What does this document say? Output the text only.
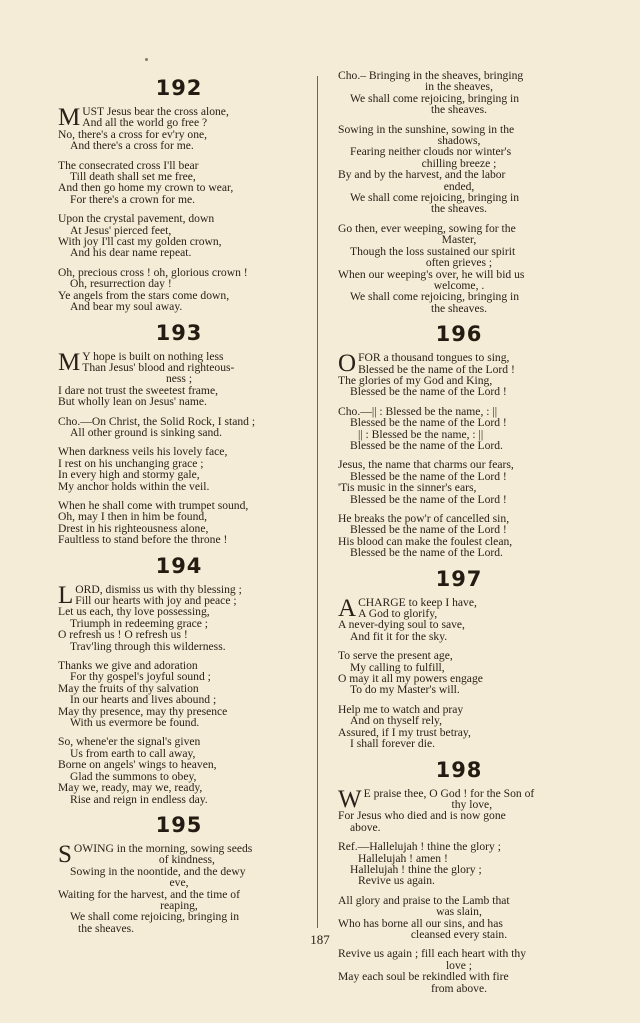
192
MUST Jesus bear the cross alone,
And all the world go free ?
No, there's a cross for ev'ry one,
And there's a cross for me.
The consecrated cross I'll bear
Till death shall set me free,
And then go home my crown to wear,
For there's a crown for me.
Upon the crystal pavement, down
At Jesus' pierced feet,
With joy I'll cast my golden crown,
And his dear name repeat.
Oh, precious cross ! oh, glorious crown !
Oh, resurrection day !
Ye angels from the stars come down,
And bear my soul away.
193
M Y hope is built on nothing less
Than Jesus' blood and righteous-
ness ;
I dare not trust the sweetest frame,
But wholly lean on Jesus' name.
Cho.—On Christ, the Solid Rock, I stand ;
All other ground is sinking sand.
When darkness veils his lovely face,
I rest on his unchanging grace ;
In every high and stormy gale,
My anchor holds within the veil.
When he shall come with trumpet sound,
Oh, may I then in him be found,
Drest in his righteousness alone,
Faultless to stand before the throne !
194
LORD, dismiss us with thy blessing ;
Fill our hearts with joy and peace ;
Let us each, thy love possessing,
Triumph in redeeming grace ;
O refresh us ! O refresh us !
Trav'ling through this wilderness.
Thanks we give and adoration
For thy gospel's joyful sound ;
May the fruits of thy salvation
In our hearts and lives abound ;
May thy presence, may thy presence
With us evermore be found.
So, whene'er the signal's given
Us from earth to call away,
Borne on angels' wings to heaven,
Glad the summons to obey,
May we, ready, may we, ready,
Rise and reign in endless day.
195
SOWING in the morning, sowing seeds
of kindness,
Sowing in the noontide, and the dewy
eve,
Waiting for the harvest, and the time of
reaping,
We shall come rejoicing, bringing in
the sheaves.
Cho.– Bringing in the sheaves, bringing
in the sheaves,
We shall come rejoicing, bringing in
the sheaves.
Sowing in the sunshine, sowing in the
shadows,
Fearing neither clouds nor winter's
chilling breeze ;
By and by the harvest, and the labor
ended,
We shall come rejoicing, bringing in
the sheaves.
Go then, ever weeping, sowing for the
Master,
Though the loss sustained our spirit
often grieves ;
When our weeping's over, he will bid us
welcome, .
We shall come rejoicing, bringing in
the sheaves.
196
OFOR a thousand tongues to sing,
Blessed be the name of the Lord !
The glories of my God and King,
Blessed be the name of the Lord !
Cho.—|| : Blessed be the name, : ||
Blessed be the name of the Lord !
|| : Blessed be the name, : ||
Blessed be the name of the Lord.
Jesus, the name that charms our fears,
Blessed be the name of the Lord !
'Tis music in the sinner's ears,
Blessed be the name of the Lord !
He breaks the pow'r of cancelled sin,
Blessed be the name of the Lord !
His blood can make the foulest clean,
Blessed be the name of the Lord.
197
ACHARGE to keep I have,
A God to glorify,
A never-dying soul to save,
And fit it for the sky.
To serve the present age,
My calling to fulfill,
O may it all my powers engage
To do my Master's will.
Help me to watch and pray
And on thyself rely,
Assured, if I my trust betray,
I shall forever die.
198
W E praise thee, O God ! for the Son of
thy love,
For Jesus who died and is now gone
above.
Ref.—Hallelujah ! thine the glory ;
Hallelujah ! amen !
Hallelujah ! thine the glory ;
Revive us again.
All glory and praise to the Lamb that
was slain,
Who has borne all our sins, and has
cleansed every stain.
Revive us again ; fill each heart with thy
love ;
May each soul be rekindled with fire
from above.
187
